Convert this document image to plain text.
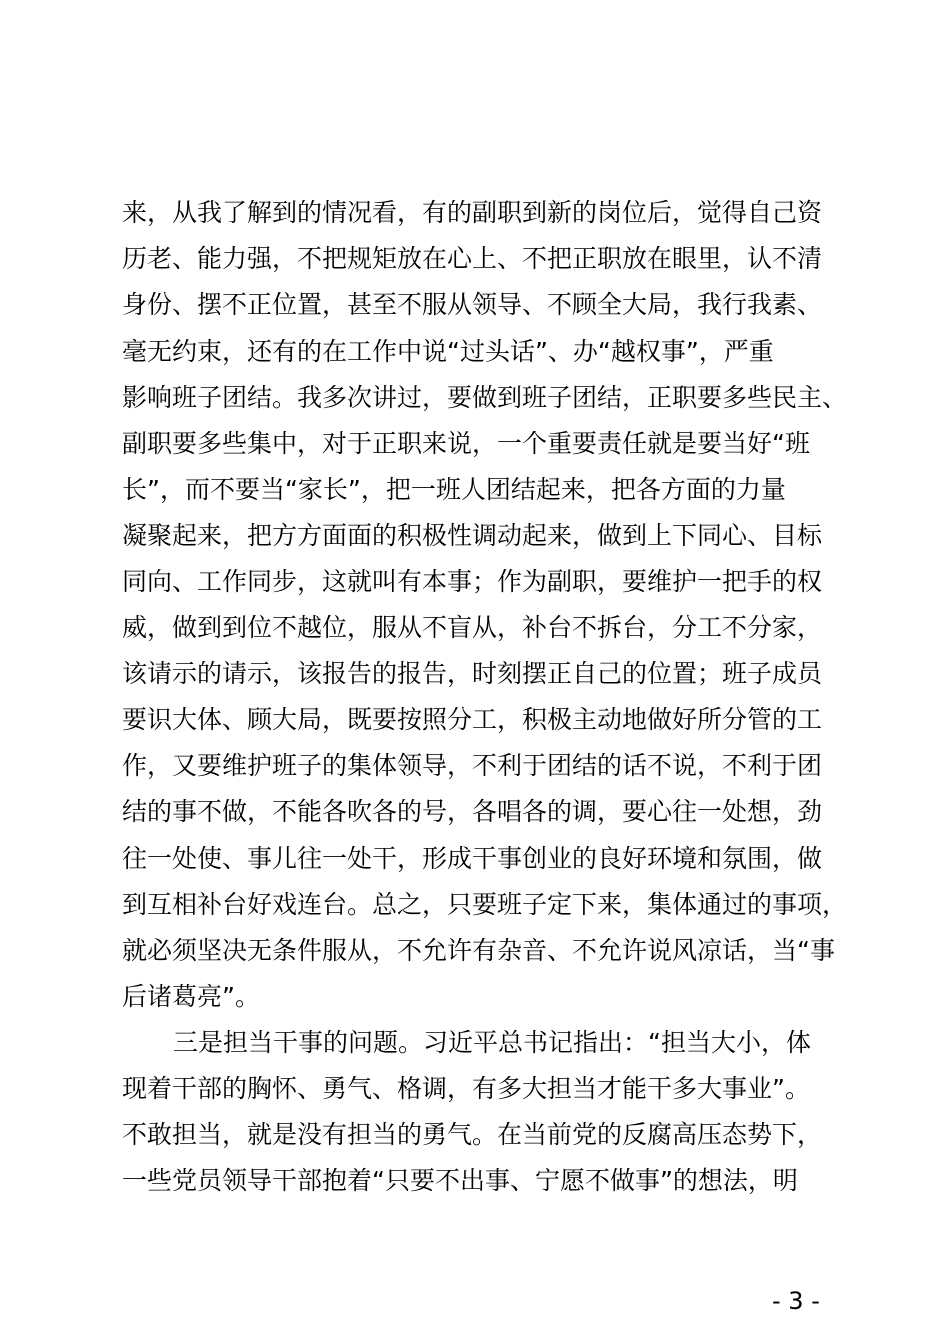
来，从我了解到的情况看，有的副职到新的岗位后，觉得自己资
历老、能力强，不把规矩放在心上、不把正职放在眼里，认不清
身份、摆不正位置，甚至不服从领导、不顾全大局，我行我素、
毫无约束，还有的在工作中说“过头话”、办“越权事”，严重
影响班子团结。我多次讲过，要做到班子团结，正职要多些民主、
副职要多些集中，对于正职来说，一个重要责任就是要当好“班
长”，而不要当“家长”，把一班人团结起来，把各方面的力量
凝聚起来，把方方面面的积极性调动起来，做到上下同心、目标
同向、工作同步，这就叫有本事；作为副职，要维护一把手的权
威，做到到位不越位，服从不盲从，补台不拆台，分工不分家，
该请示的请示，该报告的报告，时刻摆正自己的位置；班子成员
要识大体、顾大局，既要按照分工，积极主动地做好所分管的工
作，又要维护班子的集体领导，不利于团结的话不说，不利于团
结的事不做，不能各吹各的号，各唱各的调，要心往一处想，劲
往一处使、事儿往一处干，形成干事创业的良好环境和氛围，做
到互相补台好戏连台。总之，只要班子定下来，集体通过的事项，
就必须坚决无条件服从，不允许有杂音、不允许说风凉话，当“事
后诸葛亮”。
三是担当干事的问题。习近平总书记指出：“担当大小，体
现着干部的胸怀、勇气、格调，有多大担当才能干多大事业”。
不敢担当，就是没有担当的勇气。在当前党的反腐高压态势下，
一些党员领导干部抱着“只要不出事、宁愿不做事”的想法，明
- 3 -
